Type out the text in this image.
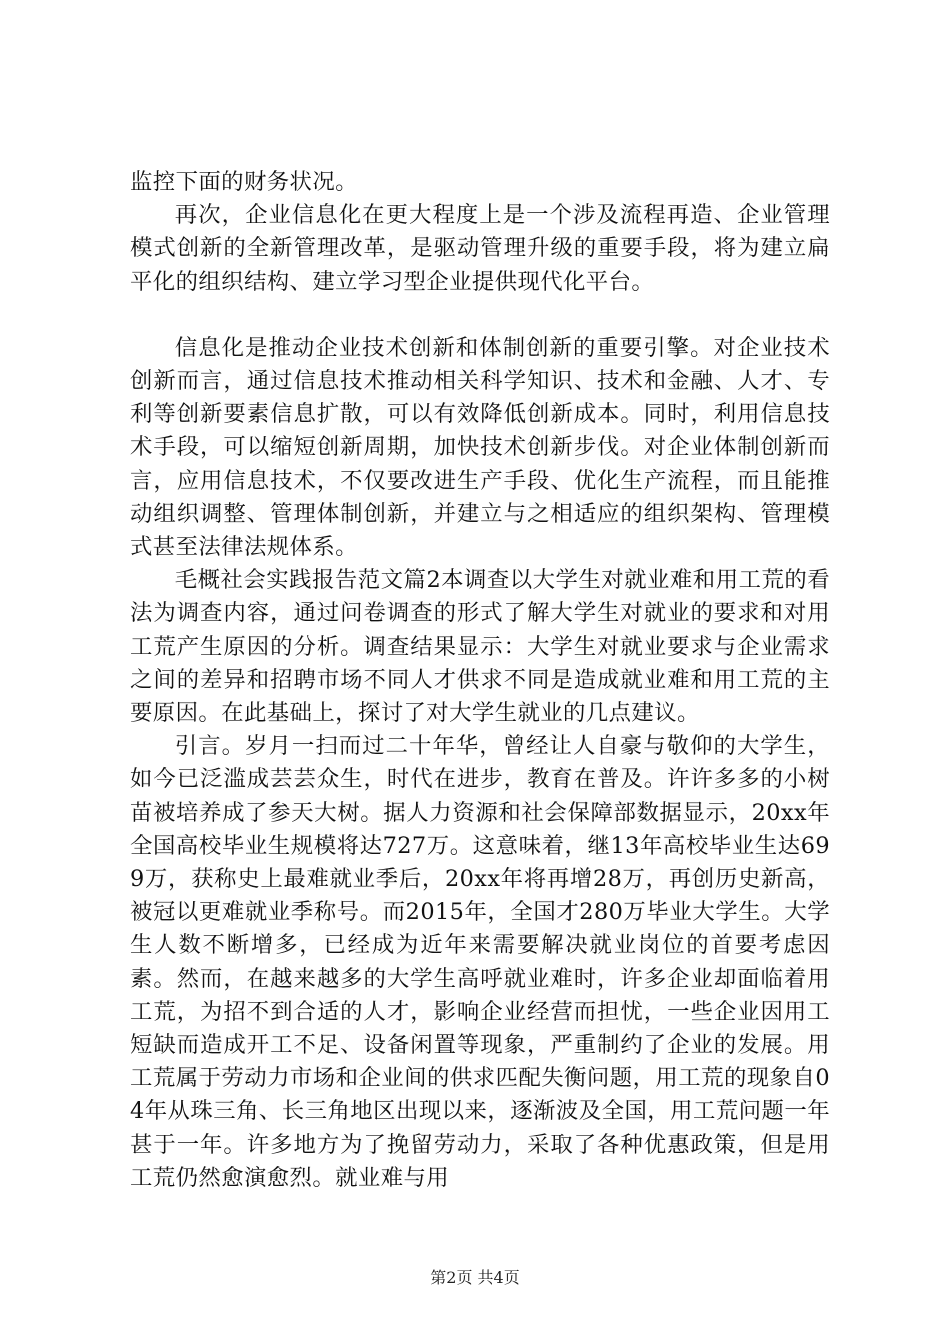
监控下面的财务状况。

再次，企业信息化在更大程度上是一个涉及流程再造、企业管理模式创新的全新管理改革，是驱动管理升级的重要手段，将为建立扁平化的组织结构、建立学习型企业提供现代化平台。

信息化是推动企业技术创新和体制创新的重要引擎。对企业技术创新而言，通过信息技术推动相关科学知识、技术和金融、人才、专利等创新要素信息扩散，可以有效降低创新成本。同时，利用信息技术手段，可以缩短创新周期，加快技术创新步伐。对企业体制创新而言，应用信息技术，不仅要改进生产手段、优化生产流程，而且能推动组织调整、管理体制创新，并建立与之相适应的组织架构、管理模式甚至法律法规体系。

毛概社会实践报告范文篇2本调查以大学生对就业难和用工荒的看法为调查内容，通过问卷调查的形式了解大学生对就业的要求和对用工荒产生原因的分析。调查结果显示：大学生对就业要求与企业需求之间的差异和招聘市场不同人才供求不同是造成就业难和用工荒的主要原因。在此基础上，探讨了对大学生就业的几点建议。

引言。岁月一扫而过二十年华，曾经让人自豪与敬仰的大学生，如今已泛滥成芸芸众生，时代在进步，教育在普及。许许多多的小树苗被培养成了参天大树。据人力资源和社会保障部数据显示，20xx年全国高校毕业生规模将达727万。这意味着，继13年高校毕业生达699万，获称史上最难就业季后，20xx年将再增28万，再创历史新高，被冠以更难就业季称号。而2015年，全国才280万毕业大学生。大学生人数不断增多，已经成为近年来需要解决就业岗位的首要考虑因素。然而，在越来越多的大学生高呼就业难时，许多企业却面临着用工荒，为招不到合适的人才，影响企业经营而担忧，一些企业因用工短缺而造成开工不足、设备闲置等现象，严重制约了企业的发展。用工荒属于劳动力市场和企业间的供求匹配失衡问题，用工荒的现象自04年从珠三角、长三角地区出现以来，逐渐波及全国，用工荒问题一年甚于一年。许多地方为了挽留劳动力，采取了各种优惠政策，但是用工荒仍然愈演愈烈。就业难与用

第2页 共4页
